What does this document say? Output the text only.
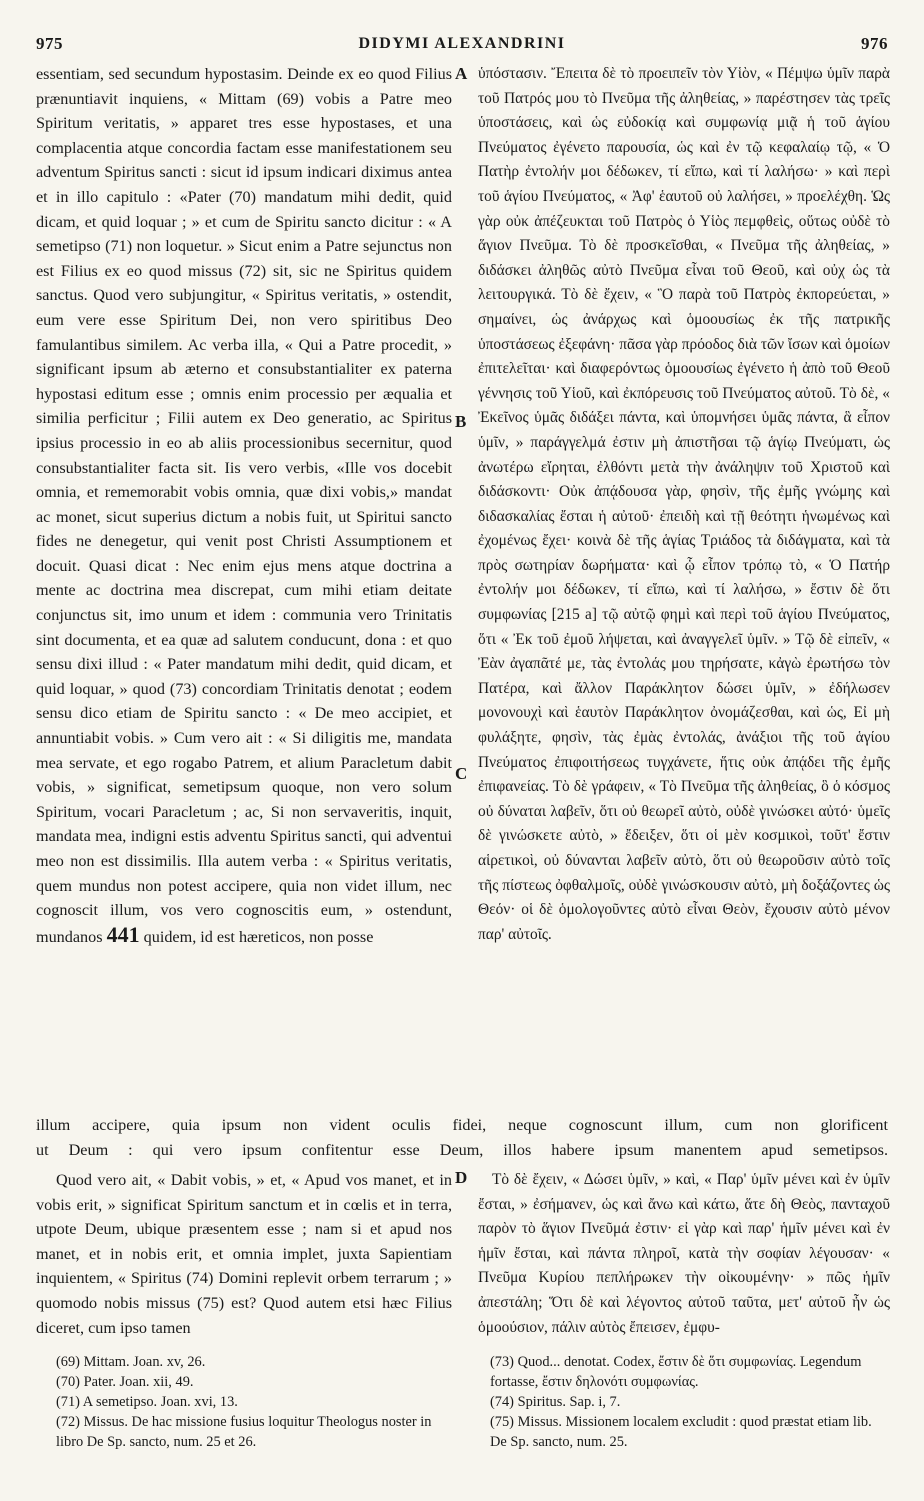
975	DIDYMI ALEXANDRINI	976

essentiam, sed secundum hypostasim. Deinde ex eo quod Filius prænuntiavit inquiens, « Mittam (69) vobis a Patre meo Spiritum veritatis, » apparet tres esse hypostases, et una complacentia atque concordia factam esse manifestationem seu adventum Spiritus sancti : sicut id ipsum indicari diximus antea et in illo capitulo : «Pater (70) mandatum mihi dedit, quid dicam, et quid loquar ; » et cum de Spiritu sancto dicitur : « A semetipso (71) non loquetur. » Sicut enim a Patre sejunctus non est Filius ex eo quod missus (72) sit, sic ne Spiritus quidem sanctus. Quod vero subjungitur, « Spiritus veritatis, » ostendit, eum vere esse Spiritum Dei, non vero spiritibus Deo famulantibus similem. Ac verba illa, « Qui a Patre procedit, » significant ipsum ab æterno et consubstantialiter ex paterna hypostasi editum esse ; omnis enim processio per æqualia et similia perficitur ; Filii autem ex Deo generatio, ac Spiritus ipsius processio in eo ab aliis processionibus secernitur, quod consubstantialiter facta sit. Iis vero verbis, «Ille vos docebit omnia, et rememorabit vobis omnia, quæ dixi vobis,» mandat ac monet, sicut superius dictum a nobis fuit, ut Spiritui sancto fides ne denegetur, qui venit post Christi Assumptionem et docuit. Quasi dicat : Nec enim ejus mens atque doctrina a mente ac doctrina mea discrepat, cum mihi etiam deitate conjunctus sit, imo unum et idem : communia vero Trinitatis sint documenta, et ea quæ ad salutem conducunt, dona : et quo sensu dixi illud : « Pater mandatum mihi dedit, quid dicam, et quid loquar, » quod (73) concordiam Trinitatis denotat ; eodem sensu dico etiam de Spiritu sancto : « De meo accipiet, et annuntiabit vobis. » Cum vero ait : « Si diligitis me, mandata mea servate, et ego rogabo Patrem, et alium Paracletum dabit vobis, » significat, semetipsum quoque, non vero solum Spiritum, vocari Paracletum ; ac, Si non servaveritis, inquit, mandata mea, indigni estis adventu Spiritus sancti, qui adventui meo non est dissimilis. Illa autem verba : « Spiritus veritatis, quem mundus non potest accipere, quia non videt illum, nec cognoscit illum, vos vero cognoscitis eum, » ostendunt, mundanos 441 quidem, id est hæreticos, non posse

A
B
C
D

ὑπόστασιν. Ἔπειτα δὲ τὸ προειπεῖν τὸν Υἱὸν, « Πέμψω ὑμῖν παρὰ τοῦ Πατρός μου τὸ Πνεῦμα τῆς ἀληθείας, » παρέστησεν τὰς τρεῖς ὑποστάσεις, καὶ ὡς εὐδοκίᾳ καὶ συμφωνίᾳ μιᾷ ἡ τοῦ ἁγίου Πνεύματος ἐγένετο παρουσία, ὡς καὶ ἐν τῷ κεφαλαίῳ τῷ, « Ὁ Πατὴρ ἐντολήν μοι δέδωκεν, τί εἴπω, καὶ τί λαλήσω· » καὶ περὶ τοῦ ἁγίου Πνεύματος, « Ἀφ' ἑαυτοῦ οὐ λαλήσει, » προελέχθη. Ὡς γὰρ οὐκ ἀπέζευκται τοῦ Πατρὸς ὁ Υἱὸς πεμφθεὶς, οὕτως οὐδὲ τὸ ἅγιον Πνεῦμα. Τὸ δὲ προσκεῖσθαι, « Πνεῦμα τῆς ἀληθείας, » διδάσκει ἀληθῶς αὐτὸ Πνεῦμα εἶναι τοῦ Θεοῦ, καὶ οὐχ ὡς τὰ λειτουργικά. Τὸ δὲ ἔχειν, « Ὃ παρὰ τοῦ Πατρὸς ἐκπορεύεται, » σημαίνει, ὡς ἀνάρχως καὶ ὁμοουσίως ἐκ τῆς πατρικῆς ὑποστάσεως ἐξεφάνη· πᾶσα γὰρ πρόοδος διὰ τῶν ἴσων καὶ ὁμοίων ἐπιτελεῖται· καὶ διαφερόντως ὁμοουσίως ἐγένετο ἡ ἀπὸ τοῦ Θεοῦ γέννησις τοῦ Υἱοῦ, καὶ ἐκπόρευσις τοῦ Πνεύματος αὐτοῦ. Τὸ δὲ, « Ἐκεῖνος ὑμᾶς διδάξει πάντα, καὶ ὑπομνήσει ὑμᾶς πάντα, ἃ εἶπον ὑμῖν, » παράγγελμά ἐστιν μὴ ἀπιστῆσαι τῷ ἁγίῳ Πνεύματι, ὡς ἀνωτέρω εἴρηται, ἐλθόντι μετὰ τὴν ἀνάληψιν τοῦ Χριστοῦ καὶ διδάσκοντι· Οὐκ ἀπᾴδουσα γὰρ, φησὶν, τῆς ἐμῆς γνώμης καὶ διδασκαλίας ἔσται ἡ αὐτοῦ· ἐπειδὴ καὶ τῇ θεότητι ἡνωμένως καὶ ἐχομένως ἔχει· κοινὰ δὲ τῆς ἁγίας Τριάδος τὰ διδάγματα, καὶ τὰ πρὸς σωτηρίαν δωρήματα· καὶ ᾧ εἶπον τρόπῳ τὸ, « Ὁ Πατήρ ἐντολήν μοι δέδωκεν, τί εἴπω, καὶ τί λαλήσω, » ἔστιν δὲ ὅτι συμφωνίας [215 a] τῷ αὐτῷ φημὶ καὶ περὶ τοῦ ἁγίου Πνεύματος, ὅτι « Ἐκ τοῦ ἐμοῦ λήψεται, καὶ ἀναγγελεῖ ὑμῖν. » Τῷ δὲ εἰπεῖν, « Ἐὰν ἀγαπᾶτέ με, τὰς ἐντολάς μου τηρήσατε, κἀγὼ ἐρωτήσω τὸν Πατέρα, καὶ ἄλλον Παράκλητον δώσει ὑμῖν, » ἐδήλωσεν μονονουχὶ καὶ ἑαυτὸν Παράκλητον ὀνομάζεσθαι, καὶ ὡς, Εἰ μὴ φυλάξητε, φησὶν, τὰς ἐμὰς ἐντολάς, ἀνάξιοι τῆς τοῦ ἁγίου Πνεύματος ἐπιφοιτήσεως τυγχάνετε, ἥτις οὐκ ἀπᾴδει τῆς ἐμῆς ἐπιφανείας. Τὸ δὲ γράφειν, « Τὸ Πνεῦμα τῆς ἀληθείας, ὃ ὁ κόσμος οὐ δύναται λαβεῖν, ὅτι οὐ θεωρεῖ αὐτὸ, οὐδὲ γινώσκει αὐτό· ὑμεῖς δὲ γινώσκετε αὐτὸ, » ἔδειξεν, ὅτι οἱ μὲν κοσμικοὶ, τοῦτ' ἔστιν αἱρετικοὶ, οὐ δύνανται λαβεῖν αὐτὸ, ὅτι οὐ θεωροῦσιν αὐτὸ τοῖς τῆς πίστεως ὀφθαλμοῖς, οὐδὲ γινώσκουσιν αὐτὸ, μὴ δοξάζοντες ὡς Θεόν· οἱ δὲ ὁμολογοῦντες αὐτὸ εἶναι Θεὸν, ἔχουσιν αὐτὸ μένον παρ' αὐτοῖς.

illum accipere, quia ipsum non vident oculis fidei, neque cognoscunt illum, cum non glorificent
ut Deum : qui vero ipsum confitentur esse Deum, illos habere ipsum manentem apud semetipsos.

Quod vero ait, « Dabit vobis, » et, « Apud vos manet, et in vobis erit, » significat Spiritum sanctum et in cœlis et in terra, utpote Deum, ubique præsentem esse ; nam si et apud nos manet, et in nobis erit, et omnia implet, juxta Sapientiam inquientem, « Spiritus (74) Domini replevit orbem terrarum ; » quomodo nobis missus (75) est? Quod autem etsi hæc Filius diceret, cum ipso tamen

Τὸ δὲ ἔχειν, « Δώσει ὑμῖν, » καὶ, « Παρ' ὑμῖν μένει καὶ ἐν ὑμῖν ἔσται, » ἐσήμανεν, ὡς καὶ ἄνω καὶ κάτω, ἅτε δὴ Θεὸς, πανταχοῦ παρὸν τὸ ἅγιον Πνεῦμά ἐστιν· εἰ γὰρ καὶ παρ' ἡμῖν μένει καὶ ἐν ἡμῖν ἔσται, καὶ πάντα πληροῖ, κατὰ τὴν σοφίαν λέγουσαν· « Πνεῦμα Κυρίου πεπλήρωκεν τὴν οἰκουμένην· » πῶς ἡμῖν ἀπεστάλη; Ὅτι δὲ καὶ λέγοντος αὐτοῦ ταῦτα, μετ' αὐτοῦ ἦν ὡς ὁμοούσιον, πάλιν αὐτὸς ἔπεισεν, ἐμφυ-

(69) Mittam. Joan. xv, 26.

(70) Pater. Joan. xii, 49.

(71) A semetipso. Joan. xvi, 13.

(72) Missus. De hac missione fusius loquitur Theologus noster in libro De Sp. sancto, num. 25 et 26.

(73) Quod... denotat. Codex, ἔστιν δὲ ὅτι συμφωνίας. Legendum fortasse, ἔστιν δηλονότι συμφωνίας.

(74) Spiritus. Sap. i, 7.

(75) Missus. Missionem localem excludit : quod præstat etiam lib. De Sp. sancto, num. 25.
